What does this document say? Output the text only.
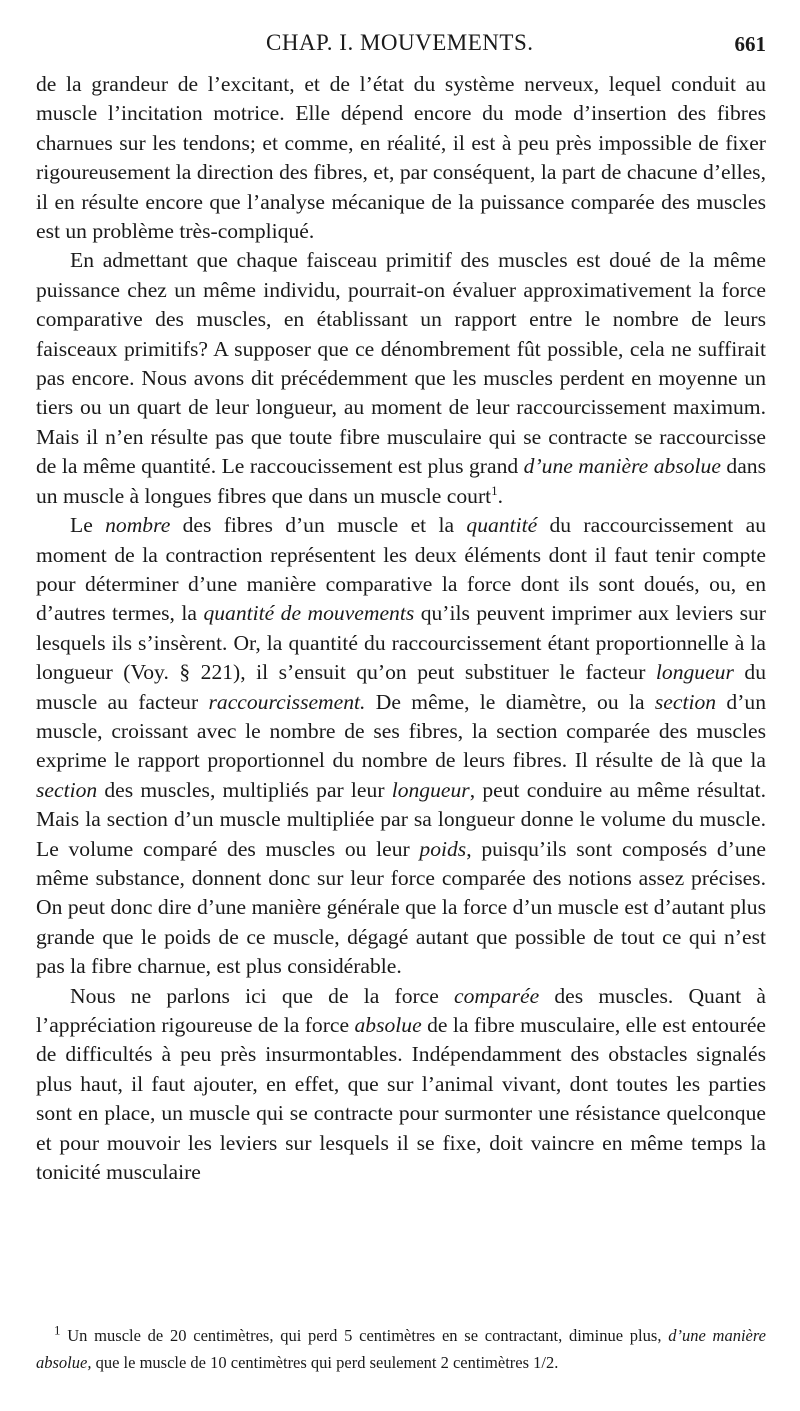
CHAP. I. MOUVEMENTS.	661

de la grandeur de l’excitant, et de l’état du système nerveux, lequel conduit au muscle l’incitation motrice. Elle dépend encore du mode d’insertion des fibres charnues sur les tendons; et comme, en réalité, il est à peu près impossible de fixer rigoureusement la direction des fibres, et, par conséquent, la part de chacune d’elles, il en résulte encore que l’analyse mécanique de la puissance comparée des muscles est un problème très-compliqué.

En admettant que chaque faisceau primitif des muscles est doué de la même puissance chez un même individu, pourrait-on évaluer approximativement la force comparative des muscles, en établissant un rapport entre le nombre de leurs faisceaux primitifs? A supposer que ce dénombrement fût possible, cela ne suffirait pas encore. Nous avons dit précédemment que les muscles perdent en moyenne un tiers ou un quart de leur longueur, au moment de leur raccourcissement maximum. Mais il n’en résulte pas que toute fibre musculaire qui se contracte se raccourcisse de la même quantité. Le raccoucissement est plus grand d’une manière absolue dans un muscle à longues fibres que dans un muscle court$^1$.

Le nombre des fibres d’un muscle et la quantité du raccourcissement au moment de la contraction représentent les deux éléments dont il faut tenir compte pour déterminer d’une manière comparative la force dont ils sont doués, ou, en d’autres termes, la quantité de mouvements qu’ils peuvent imprimer aux leviers sur lesquels ils s’insèrent. Or, la quantité du raccourcissement étant proportionnelle à la longueur (Voy. § 221), il s’ensuit qu’on peut substituer le facteur longueur du muscle au facteur raccourcissement. De même, le diamètre, ou la section d’un muscle, croissant avec le nombre de ses fibres, la section comparée des muscles exprime le rapport proportionnel du nombre de leurs fibres. Il résulte de là que la section des muscles, multipliés par leur longueur, peut conduire au même résultat. Mais la section d’un muscle multipliée par sa longueur donne le volume du muscle. Le volume comparé des muscles ou leur poids, puisqu’ils sont composés d’une même substance, donnent donc sur leur force comparée des notions assez précises. On peut donc dire d’une manière générale que la force d’un muscle est d’autant plus grande que le poids de ce muscle, dégagé autant que possible de tout ce qui n’est pas la fibre charnue, est plus considérable.

Nous ne parlons ici que de la force comparée des muscles. Quant à l’appréciation rigoureuse de la force absolue de la fibre musculaire, elle est entourée de difficultés à peu près insurmontables. Indépendamment des obstacles signalés plus haut, il faut ajouter, en effet, que sur l’animal vivant, dont toutes les parties sont en place, un muscle qui se contracte pour surmonter une résistance quelconque et pour mouvoir les leviers sur lesquels il se fixe, doit vaincre en même temps la tonicité musculaire

$^1$ Un muscle de 20 centimètres, qui perd 5 centimètres en se contractant, diminue plus, d’une manière absolue, que le muscle de 10 centimètres qui perd seulement 2 centimètres 1/2.
